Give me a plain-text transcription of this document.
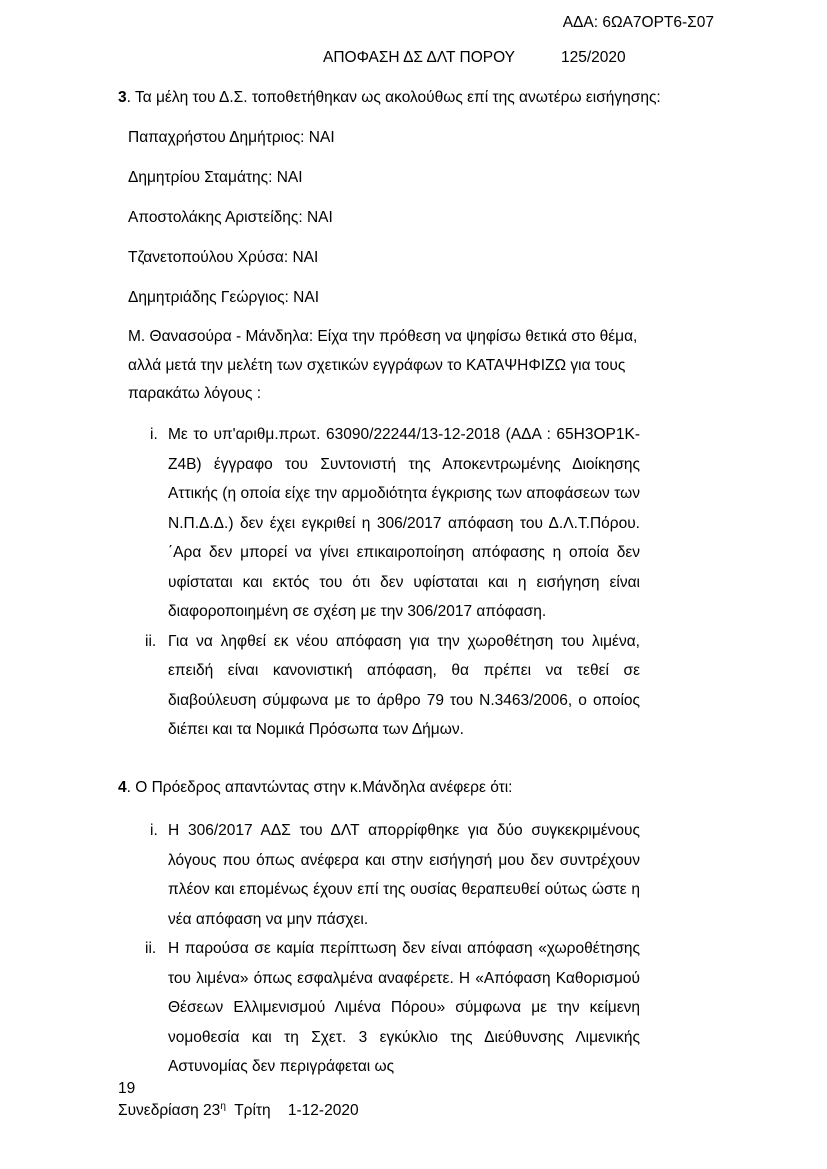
ΑΔΑ: 6ΩΑ7ΟΡΤ6-Σ07
ΑΠΟΦΑΣΗ ΔΣ ΔΛΤ ΠΟΡΟΥ	125/2020
3. Τα μέλη του Δ.Σ. τοποθετήθηκαν ως ακολούθως επί της ανωτέρω εισήγησης:
Παπαχρήστου Δημήτριος: ΝΑΙ
Δημητρίου Σταμάτης: ΝΑΙ
Αποστολάκης Αριστείδης: ΝΑΙ
Τζανετοπούλου Χρύσα: ΝΑΙ
Δημητριάδης Γεώργιος: ΝΑΙ
Μ. Θανασούρα - Μάνδηλα: Είχα την πρόθεση να ψηφίσω θετικά στο θέμα,
αλλά μετά την μελέτη των σχετικών εγγράφων το ΚΑΤΑΨΗΦΙΖΩ για τους
παρακάτω λόγους :
i. Με το υπ'αριθμ.πρωτ. 63090/22244/13-12-2018 (ΑΔΑ : 65Η3ΟΡ1Κ-Ζ4Β) έγγραφο του Συντονιστή της Αποκεντρωμένης Διοίκησης Αττικής (η οποία είχε την αρμοδιότητα έγκρισης των αποφάσεων των Ν.Π.Δ.Δ.) δεν έχει εγκριθεί η 306/2017 απόφαση του Δ.Λ.Τ.Πόρου. ΄Αρα δεν μπορεί να γίνει επικαιροποίηση απόφασης η οποία δεν υφίσταται και εκτός του ότι δεν υφίσταται και η εισήγηση είναι διαφοροποιημένη σε σχέση με την 306/2017 απόφαση.
ii. Για να ληφθεί εκ νέου απόφαση για την χωροθέτηση του λιμένα, επειδή είναι κανονιστική απόφαση, θα πρέπει να τεθεί σε διαβούλευση σύμφωνα με το άρθρο 79 του Ν.3463/2006, ο οποίος διέπει και τα Νομικά Πρόσωπα των Δήμων.
4. Ο Πρόεδρος απαντώντας στην κ.Μάνδηλα ανέφερε ότι:
i. Η 306/2017 ΑΔΣ του ΔΛΤ απορρίφθηκε για δύο συγκεκριμένους λόγους που όπως ανέφερα και στην εισήγησή μου δεν συντρέχουν πλέον και επομένως έχουν επί της ουσίας θεραπευθεί ούτως ώστε η νέα απόφαση να μην πάσχει.
ii. Η παρούσα σε καμία περίπτωση δεν είναι απόφαση «χωροθέτησης του λιμένα» όπως εσφαλμένα αναφέρετε. Η «Απόφαση Καθορισμού Θέσεων Ελλιμενισμού Λιμένα Πόρου» σύμφωνα με την κείμενη νομοθεσία και τη Σχετ. 3 εγκύκλιο της Διεύθυνσης Λιμενικής Αστυνομίας δεν περιγράφεται ως
19
Συνεδρίαση $23^\eta$  Τρίτη    1-12-2020
